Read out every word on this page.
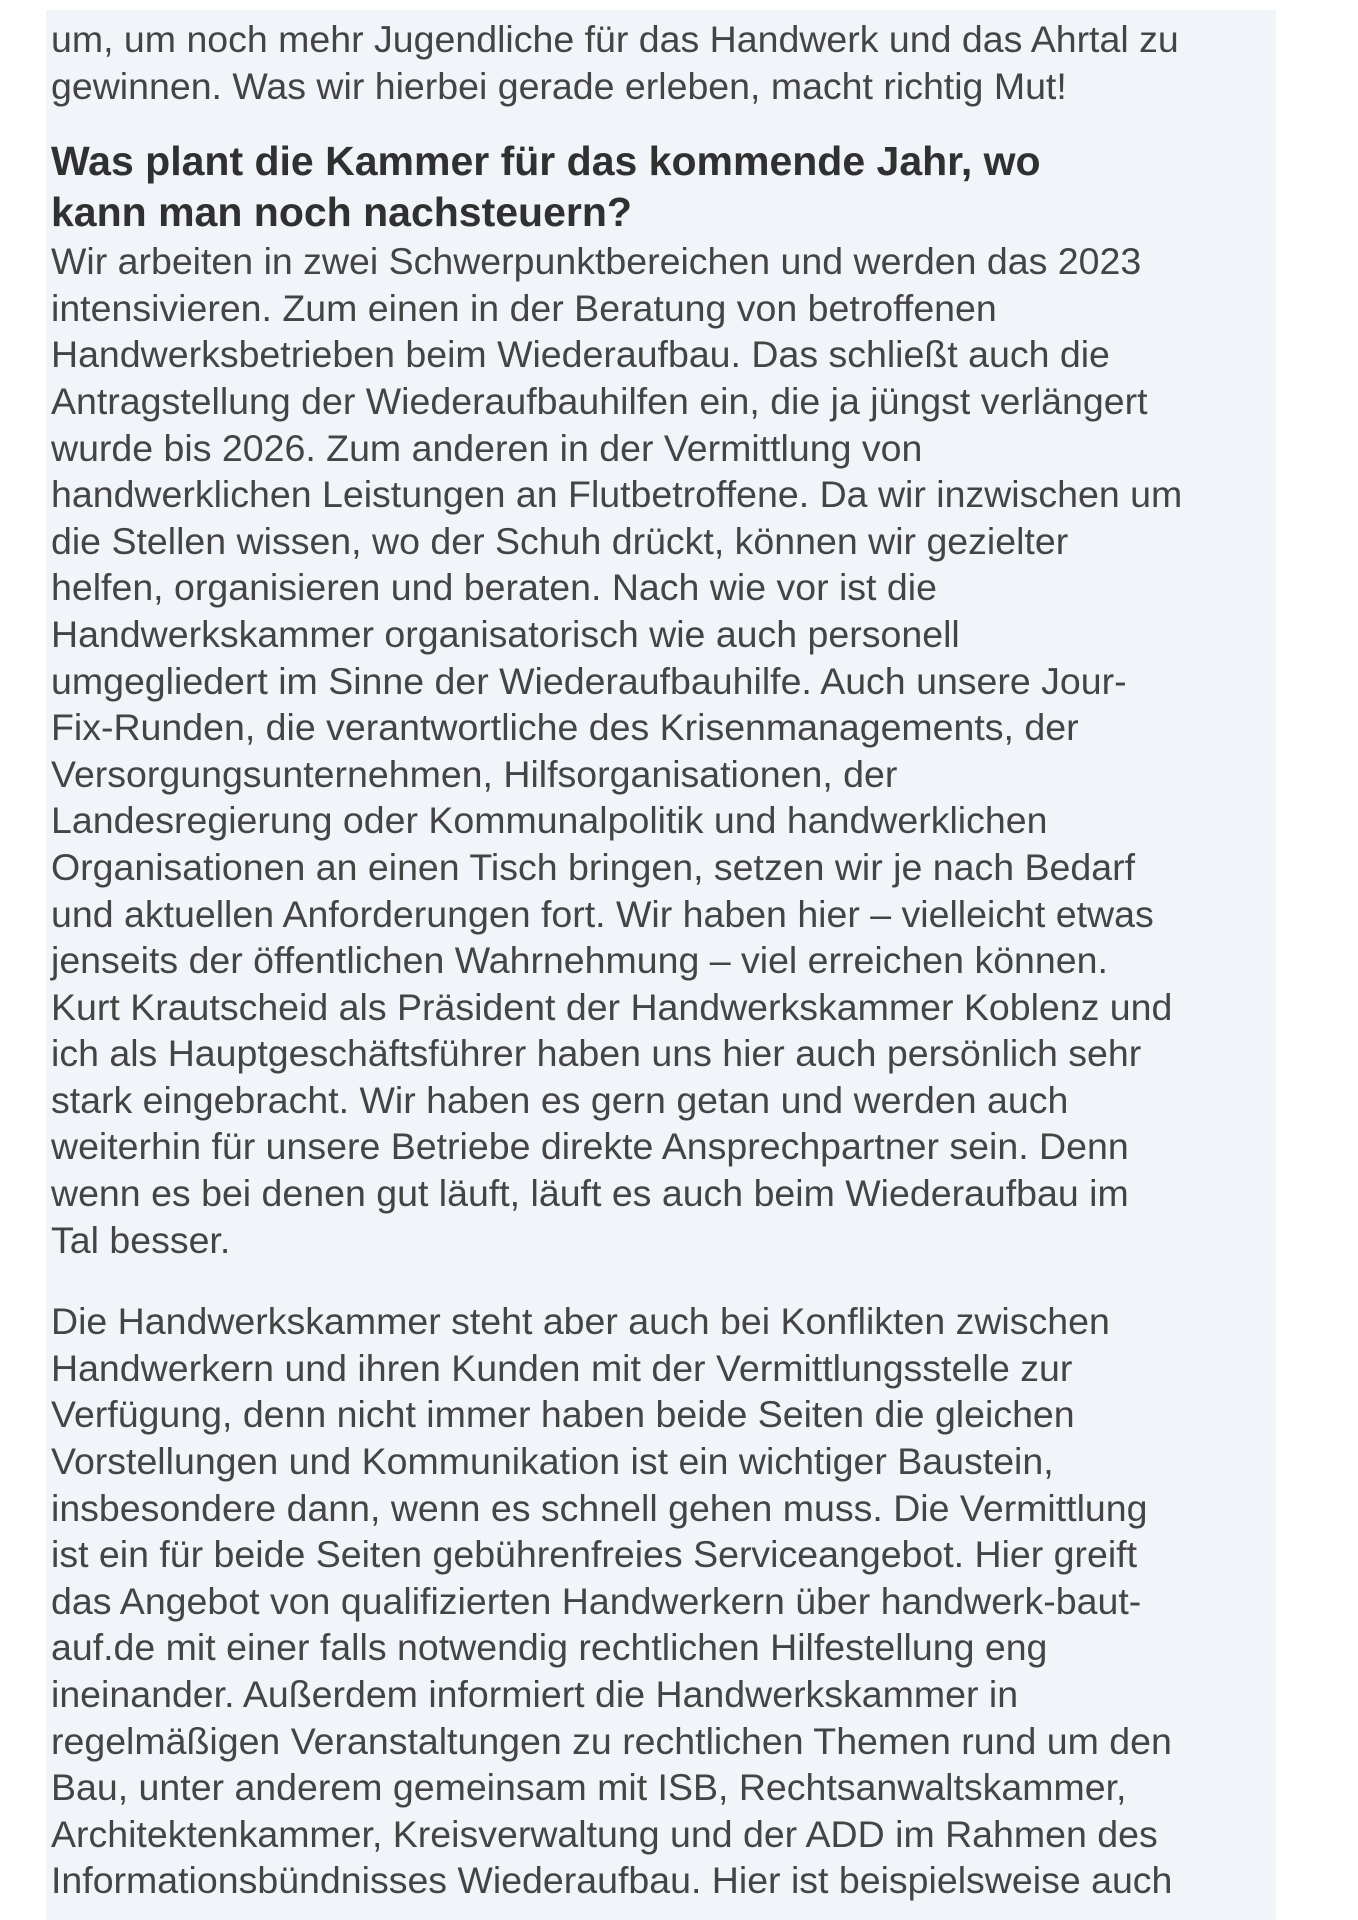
um, um noch mehr Jugendliche für das Handwerk und das Ahrtal zu
gewinnen. Was wir hierbei gerade erleben, macht richtig Mut!
Was plant die Kammer für das kommende Jahr, wo
kann man noch nachsteuern?
Wir arbeiten in zwei Schwerpunktbereichen und werden das 2023
intensivieren. Zum einen in der Beratung von betroffenen
Handwerksbetrieben beim Wiederaufbau. Das schließt auch die
Antragstellung der Wiederaufbauhilfen ein, die ja jüngst verlängert
wurde bis 2026. Zum anderen in der Vermittlung von
handwerklichen Leistungen an Flutbetroffene. Da wir inzwischen um
die Stellen wissen, wo der Schuh drückt, können wir gezielter
helfen, organisieren und beraten. Nach wie vor ist die
Handwerkskammer organisatorisch wie auch personell
umgegliedert im Sinne der Wiederaufbauhilfe. Auch unsere Jour-
Fix-Runden, die verantwortliche des Krisenmanagements, der
Versorgungsunternehmen, Hilfsorganisationen, der
Landesregierung oder Kommunalpolitik und handwerklichen
Organisationen an einen Tisch bringen, setzen wir je nach Bedarf
und aktuellen Anforderungen fort. Wir haben hier – vielleicht etwas
jenseits der öffentlichen Wahrnehmung – viel erreichen können.
Kurt Krautscheid als Präsident der Handwerkskammer Koblenz und
ich als Hauptgeschäftsführer haben uns hier auch persönlich sehr
stark eingebracht. Wir haben es gern getan und werden auch
weiterhin für unsere Betriebe direkte Ansprechpartner sein. Denn
wenn es bei denen gut läuft, läuft es auch beim Wiederaufbau im
Tal besser.
Die Handwerkskammer steht aber auch bei Konflikten zwischen
Handwerkern und ihren Kunden mit der Vermittlungsstelle zur
Verfügung, denn nicht immer haben beide Seiten die gleichen
Vorstellungen und Kommunikation ist ein wichtiger Baustein,
insbesondere dann, wenn es schnell gehen muss. Die Vermittlung
ist ein für beide Seiten gebührenfreies Serviceangebot. Hier greift
das Angebot von qualifizierten Handwerkern über handwerk-baut-
auf.de mit einer falls notwendig rechtlichen Hilfestellung eng
ineinander. Außerdem informiert die Handwerkskammer in
regelmäßigen Veranstaltungen zu rechtlichen Themen rund um den
Bau, unter anderem gemeinsam mit ISB, Rechtsanwaltskammer,
Architektenkammer, Kreisverwaltung und der ADD im Rahmen des
Informationsbündnisses Wiederaufbau. Hier ist beispielsweise auch
